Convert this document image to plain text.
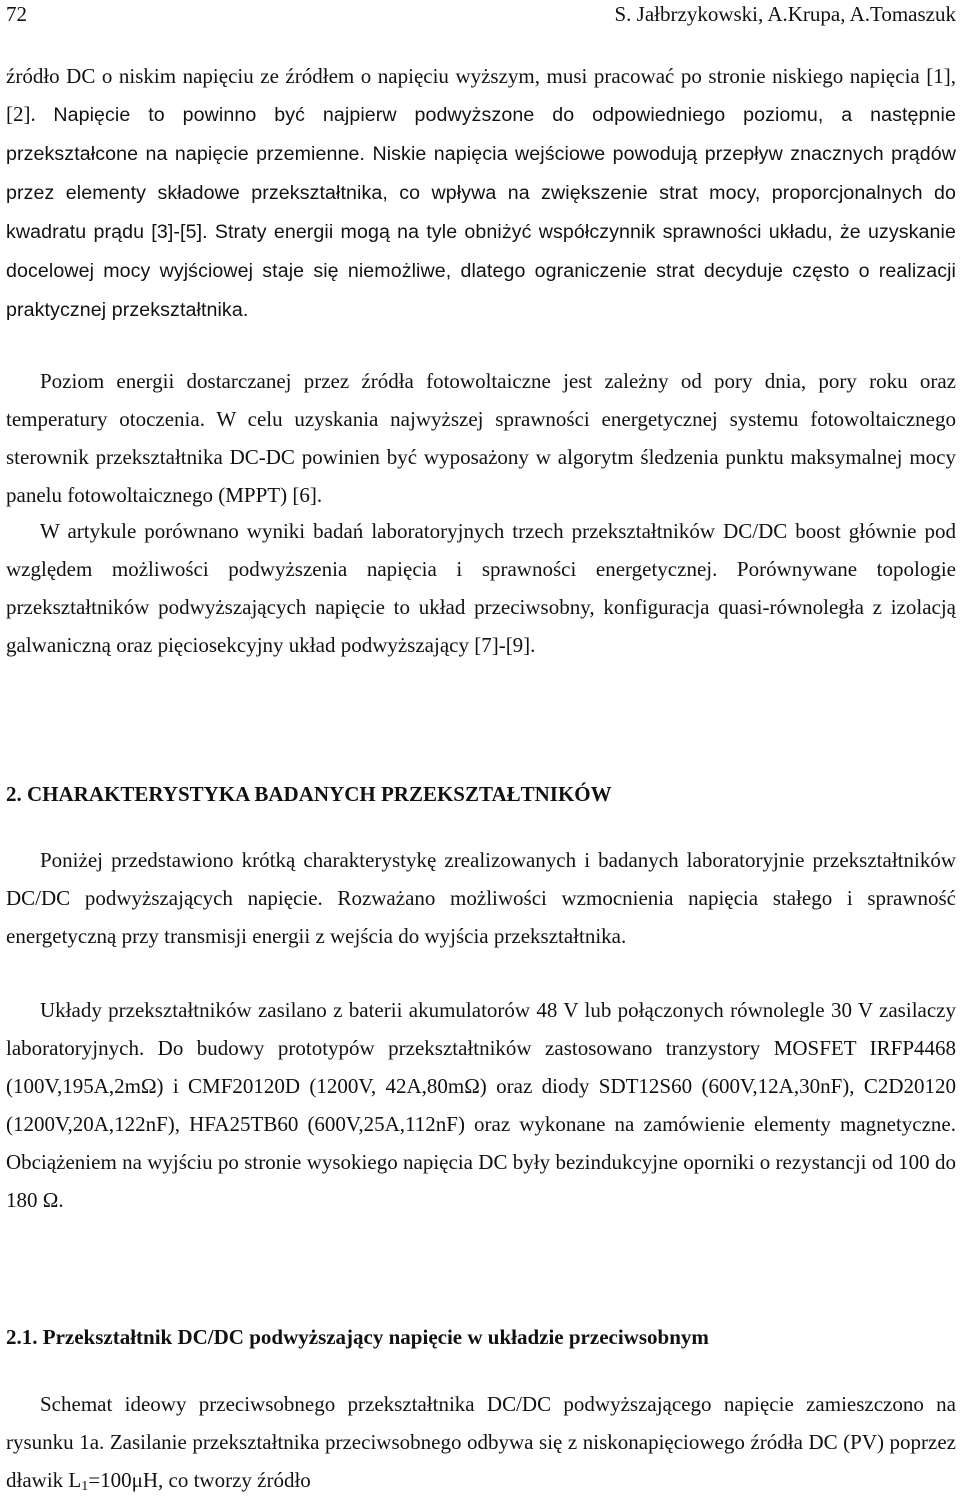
72	S. Jałbrzykowski, A.Krupa, A.Tomaszuk

źródło DC o niskim napięciu ze źródłem o napięciu wyższym, musi pracować po stronie niskiego napięcia [1], [2]. Napięcie to powinno być najpierw podwyższone do odpowiedniego poziomu, a następnie przekształcone na napięcie przemienne. Niskie napięcia wejściowe powodują przepływ znacznych prądów przez elementy składowe przekształtnika, co wpływa na zwiększenie strat mocy, proporcjonalnych do kwadratu prądu [3]-[5]. Straty energii mogą na tyle obniżyć współczynnik sprawności układu, że uzyskanie docelowej mocy wyjściowej staje się niemożliwe, dlatego ograniczenie strat decyduje często o realizacji praktycznej przekształtnika.

Poziom energii dostarczanej przez źródła fotowoltaiczne jest zależny od pory dnia, pory roku oraz temperatury otoczenia. W celu uzyskania najwyższej sprawności energetycznej systemu fotowoltaicznego sterownik przekształtnika DC-DC powinien być wyposażony w algorytm śledzenia punktu maksymalnej mocy panelu fotowoltaicznego (MPPT) [6].

W artykule porównano wyniki badań laboratoryjnych trzech przekształtników DC/DC boost głównie pod względem możliwości podwyższenia napięcia i sprawności energetycznej. Porównywane topologie przekształtników podwyższających napięcie to układ przeciwsobny, konfiguracja quasi-równoległa z izolacją galwaniczną oraz pięciosekcyjny układ podwyższający [7]-[9].

2. CHARAKTERYSTYKA BADANYCH PRZEKSZTAŁTNIKÓW

Poniżej przedstawiono krótką charakterystykę zrealizowanych i badanych laboratoryjnie przekształtników DC/DC podwyższających napięcie. Rozważano możliwości wzmocnienia napięcia stałego i sprawność energetyczną przy transmisji energii z wejścia do wyjścia przekształtnika.

Układy przekształtników zasilano z baterii akumulatorów 48 V lub połączonych równolegle 30 V zasilaczy laboratoryjnych. Do budowy prototypów przekształtników zastosowano tranzystory MOSFET IRFP4468 (100V,195A,2mΩ) i CMF20120D (1200V, 42A,80mΩ) oraz diody SDT12S60 (600V,12A,30nF), C2D20120 (1200V,20A,122nF), HFA25TB60 (600V,25A,112nF) oraz wykonane na zamówienie elementy magnetyczne. Obciążeniem na wyjściu po stronie wysokiego napięcia DC były bezindukcyjne oporniki o rezystancji od 100 do 180 Ω.

2.1. Przekształtnik DC/DC podwyższający napięcie w układzie przeciwsobnym

Schemat ideowy przeciwsobnego przekształtnika DC/DC podwyższającego napięcie zamieszczono na rysunku 1a. Zasilanie przekształtnika przeciwsobnego odbywa się z niskonapięciowego źródła DC (PV) poprzez dławik $L_1=100\mu H$, co tworzy źródło
